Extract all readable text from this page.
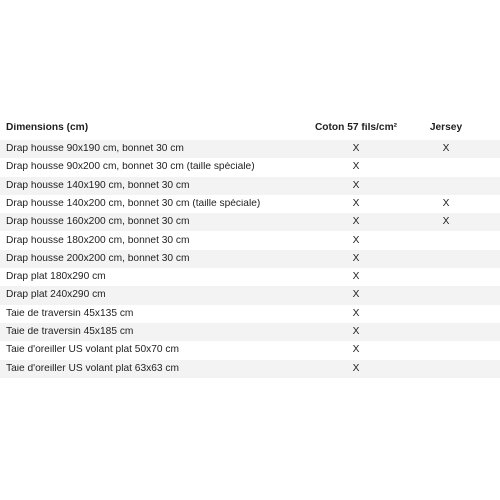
Dimensions (cm)	Coton 57 fils/cm²	Jersey
Drap housse 90x190 cm, bonnet 30 cm	X	X
Drap housse 90x200 cm, bonnet 30 cm (taille spéciale)	X
Drap housse 140x190 cm, bonnet 30 cm	X
Drap housse 140x200 cm, bonnet 30 cm (taille spéciale)	X	X
Drap housse 160x200 cm, bonnet 30 cm	X	X
Drap housse 180x200 cm, bonnet 30 cm	X
Drap housse 200x200 cm, bonnet 30 cm	X
Drap plat 180x290 cm	X
Drap plat 240x290 cm	X
Taie de traversin 45x135 cm	X
Taie de traversin 45x185 cm	X
Taie d'oreiller US volant plat 50x70 cm	X
Taie d'oreiller US volant plat 63x63 cm	X
